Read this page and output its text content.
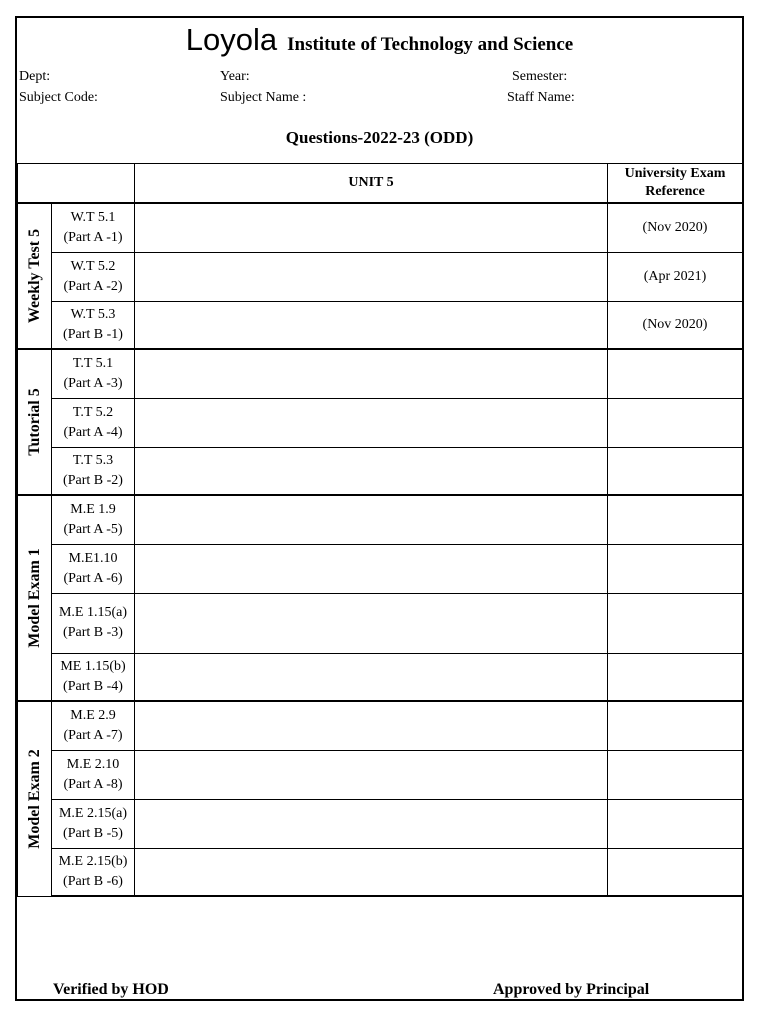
Loyola Institute of Technology and Science
Dept:
Subject Code:
Year:
Subject Name :
Semester:
Staff Name:
Questions-2022-23 (ODD)
		UNIT 5	University Exam Reference

Weekly Test 5	W.T 5.1
(Part A -1)		(Nov 2020)

	W.T 5.2
(Part A -2)		(Apr 2021)

	W.T 5.3
(Part B -1)		(Nov 2020)

Tutorial 5	T.T 5.1
(Part A -3)		

	T.T 5.2
(Part A -4)		

	T.T 5.3
(Part B -2)		

Model Exam 1	M.E 1.9
(Part A -5)		

	M.E1.10
(Part A -6)		

	M.E 1.15(a)
(Part B -3)		

	ME 1.15(b)
(Part B -4)		

Model Exam 2	M.E 2.9
(Part A -7)		

	M.E 2.10
(Part A -8)		

	M.E 2.15(a)
(Part B -5)		

	M.E 2.15(b)
(Part B -6)		

Verified by HOD	Approved by Principal
